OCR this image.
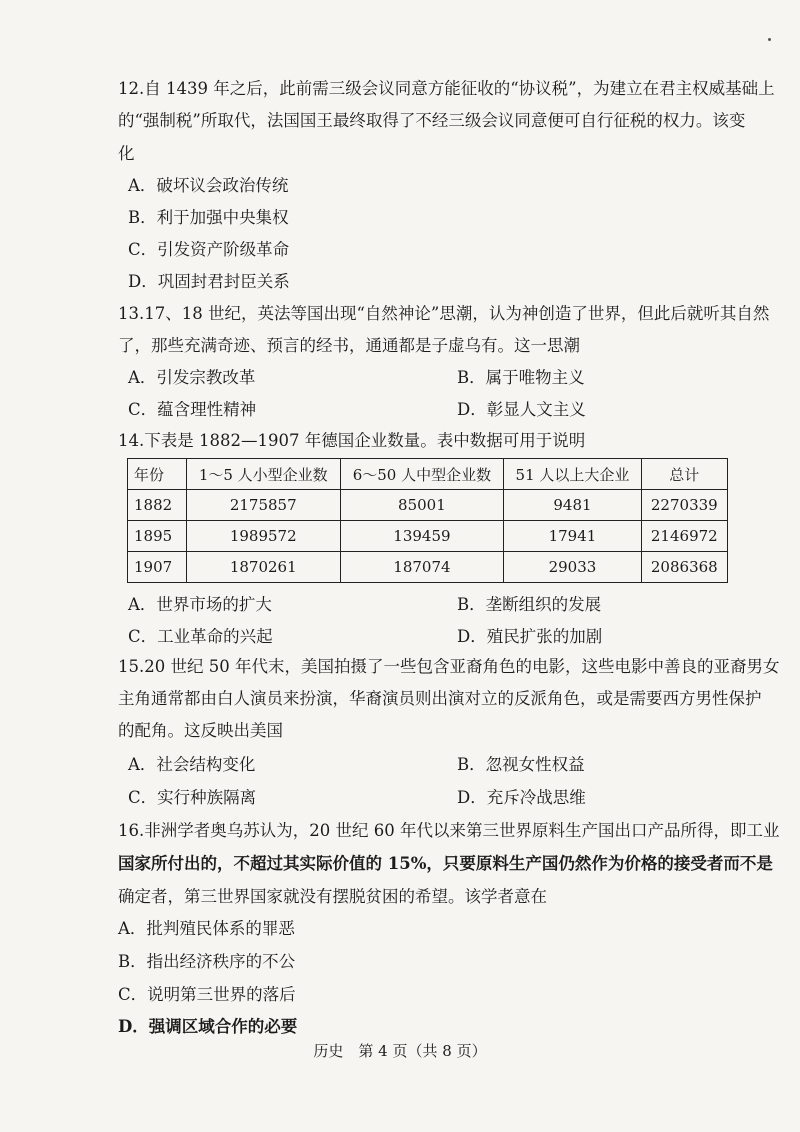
12.自 1439 年之后，此前需三级会议同意方能征收的“协议税”，为建立在君主权威基础上
的“强制税”所取代，法国国王最终取得了不经三级会议同意便可自行征税的权力。该变
化
A．破坏议会政治传统
B．利于加强中央集权
C．引发资产阶级革命
D．巩固封君封臣关系
13.17、18 世纪，英法等国出现“自然神论”思潮，认为神创造了世界，但此后就听其自然
了，那些充满奇迹、预言的经书，通通都是子虚乌有。这一思潮
A．引发宗教改革	B．属于唯物主义
C．蕴含理性精神	D．彰显人文主义
14.下表是 1882—1907 年德国企业数量。表中数据可用于说明
年份	1～5 人小型企业数	6～50 人中型企业数	51 人以上大企业	总计
1882	2175857	85001	9481	2270339
1895	1989572	139459	17941	2146972
1907	1870261	187074	29033	2086368
A．世界市场的扩大	B．垄断组织的发展
C．工业革命的兴起	D．殖民扩张的加剧
15.20 世纪 50 年代末，美国拍摄了一些包含亚裔角色的电影，这些电影中善良的亚裔男女
主角通常都由白人演员来扮演，华裔演员则出演对立的反派角色，或是需要西方男性保护
的配角。这反映出美国
A．社会结构变化	B．忽视女性权益
C．实行种族隔离	D．充斥冷战思维
16.非洲学者奥乌苏认为，20 世纪 60 年代以来第三世界原料生产国出口产品所得，即工业
国家所付出的，不超过其实际价值的 15%，只要原料生产国仍然作为价格的接受者而不是
确定者，第三世界国家就没有摆脱贫困的希望。该学者意在
A．批判殖民体系的罪恶
B．指出经济秩序的不公
C．说明第三世界的落后
D．强调区域合作的必要
历史　第 4 页（共 8 页）
